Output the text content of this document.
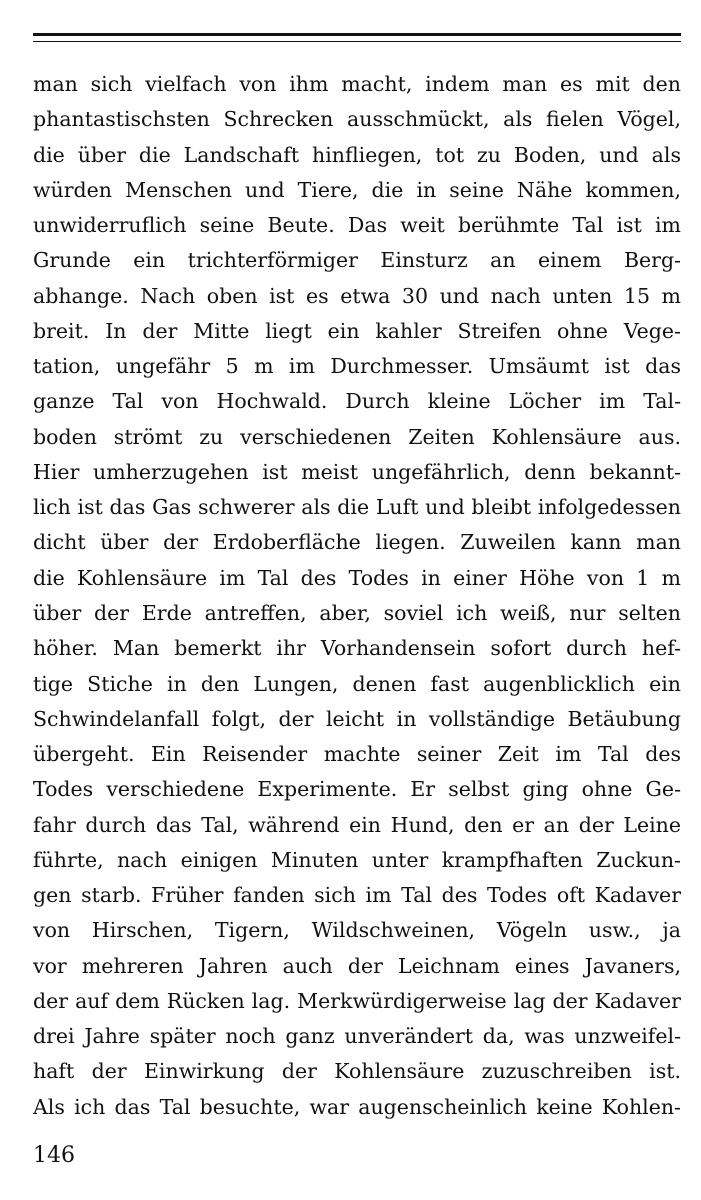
man sich vielfach von ihm macht, indem man es mit den
phantastischsten Schrecken ausschmückt, als fielen Vögel,
die über die Landschaft hinfliegen, tot zu Boden, und als
würden Menschen und Tiere, die in seine Nähe kommen,
unwiderruflich seine Beute. Das weit berühmte Tal ist im
Grunde ein trichterförmiger Einsturz an einem Berg-
abhange. Nach oben ist es etwa 30 und nach unten 15 m
breit. In der Mitte liegt ein kahler Streifen ohne Vege-
tation, ungefähr 5 m im Durchmesser. Umsäumt ist das
ganze Tal von Hochwald. Durch kleine Löcher im Tal-
boden strömt zu verschiedenen Zeiten Kohlensäure aus.
Hier umherzugehen ist meist ungefährlich, denn bekannt-
lich ist das Gas schwerer als die Luft und bleibt infolgedessen
dicht über der Erdoberfläche liegen. Zuweilen kann man
die Kohlensäure im Tal des Todes in einer Höhe von 1 m
über der Erde antreffen, aber, soviel ich weiß, nur selten
höher. Man bemerkt ihr Vorhandensein sofort durch hef-
tige Stiche in den Lungen, denen fast augenblicklich ein
Schwindelanfall folgt, der leicht in vollständige Betäubung
übergeht. Ein Reisender machte seiner Zeit im Tal des
Todes verschiedene Experimente. Er selbst ging ohne Ge-
fahr durch das Tal, während ein Hund, den er an der Leine
führte, nach einigen Minuten unter krampfhaften Zuckun-
gen starb. Früher fanden sich im Tal des Todes oft Kadaver
von Hirschen, Tigern, Wildschweinen, Vögeln usw., ja
vor mehreren Jahren auch der Leichnam eines Javaners,
der auf dem Rücken lag. Merkwürdigerweise lag der Kadaver
drei Jahre später noch ganz unverändert da, was unzweifel-
haft der Einwirkung der Kohlensäure zuzuschreiben ist.
Als ich das Tal besuchte, war augenscheinlich keine Kohlen-
146
